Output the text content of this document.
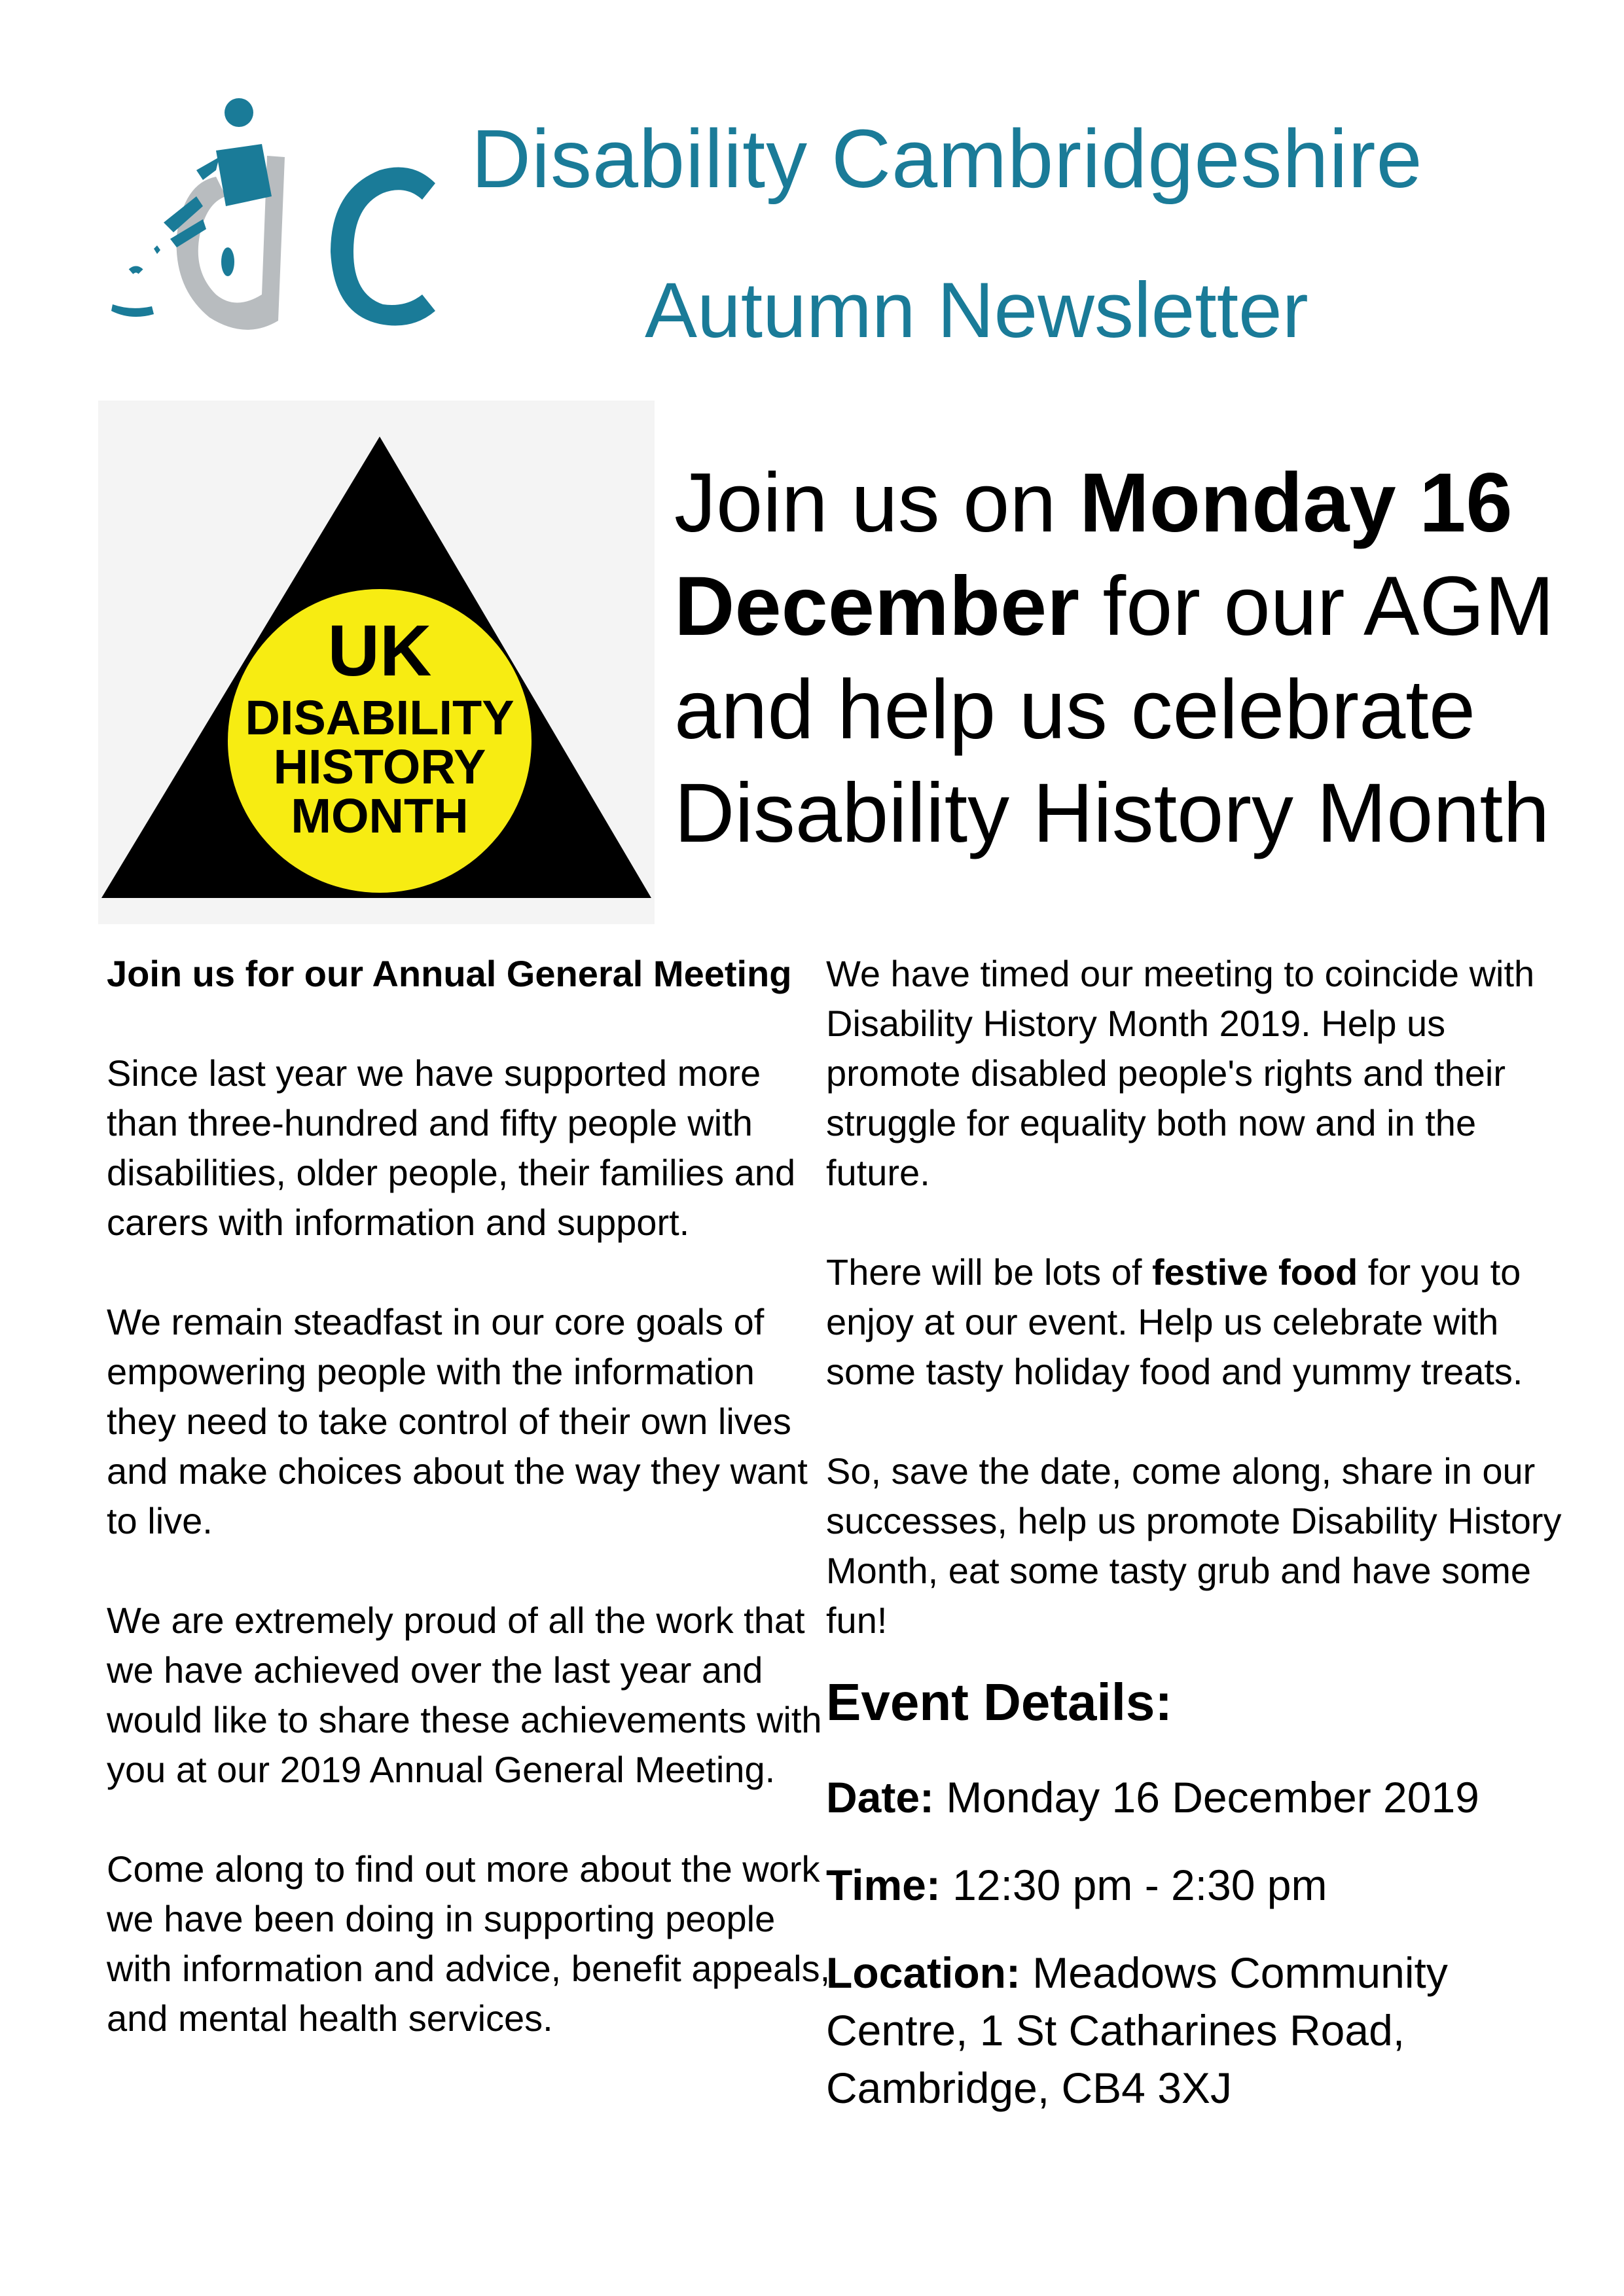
Disability Cambridgeshire
Autumn Newsletter
UK
DISABILITY
HISTORY
MONTH
Join us on Monday 16 December for our AGM and help us celebrate Disability History Month
Join us for our Annual General Meeting

Since last year we have supported more than three-hundred and fifty people with disabilities, older people, their families and carers with information and support.

We remain steadfast in our core goals of empowering people with the information they need to take control of their own lives and make choices about the way they want to live.

We are extremely proud of all the work that we have achieved over the last year and would like to share these achievements with you at our 2019 Annual General Meeting.

Come along to find out more about the work we have been doing in supporting people with information and advice, benefit appeals, and mental health services.

We have timed our meeting to coincide with Disability History Month 2019. Help us promote disabled people's rights and their struggle for equality both now and in the future.

There will be lots of festive food for you to enjoy at our event. Help us celebrate with some tasty holiday food and yummy treats.

So, save the date, come along, share in our successes, help us promote Disability History Month, eat some tasty grub and have some fun!

Event Details:
Date: Monday 16 December 2019
Time: 12:30 pm - 2:30 pm
Location: Meadows Community Centre, 1 St Catharines Road, Cambridge, CB4 3XJ
